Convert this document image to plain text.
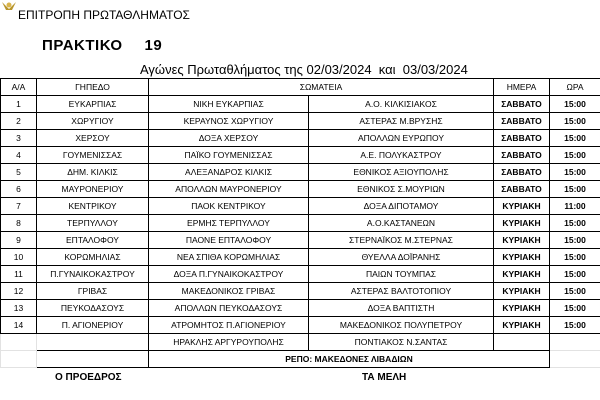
ΕΠΙΤΡΟΠΗ ΠΡΩΤΑΘΛΗΜΑΤΟΣ
ΠΡΑΚΤΙΚΟ 19
Αγώνες Πρωταθλήματος της 02/03/2024  και  03/03/2024
Α/Α	ΓΗΠΕΔΟ	ΣΩΜΑΤΕΙΑ		ΗΜΕΡΑ	ΩΡΑ
1	ΕΥΚΑΡΠΙΑΣ	ΝΙΚΗ ΕΥΚΑΡΠΙΑΣ	Α.Ο. ΚΙΛΚΙΣΙΑΚΟΣ	ΣΑΒΒΑΤΟ	15:00
2	ΧΩΡΥΓΙΟΥ	ΚΕΡΑΥΝΟΣ ΧΩΡΥΓΙΟΥ	ΑΣΤΕΡΑΣ Μ.ΒΡΥΣΗΣ	ΣΑΒΒΑΤΟ	15:00
3	ΧΕΡΣΟΥ	ΔΟΞΑ ΧΕΡΣΟΥ	ΑΠΟΛΛΩΝ ΕΥΡΩΠΟΥ	ΣΑΒΒΑΤΟ	15:00
4	ΓΟΥΜΕΝΙΣΣΑΣ	ΠΑΪΚΟ ΓΟΥΜΕΝΙΣΣΑΣ	Α.Ε. ΠΟΛΥΚΑΣΤΡΟΥ	ΣΑΒΒΑΤΟ	15:00
5	ΔΗΜ. ΚΙΛΚΙΣ	ΑΛΕΞΑΝΔΡΟΣ ΚΙΛΚΙΣ	ΕΘΝΙΚΟΣ ΑΞΙΟΥΠΟΛΗΣ	ΣΑΒΒΑΤΟ	15:00
6	ΜΑΥΡΟΝΕΡΙΟΥ	ΑΠΟΛΛΩΝ ΜΑΥΡΟΝΕΡΙΟΥ	ΕΘΝΙΚΟΣ Σ.ΜΟΥΡΙΩΝ	ΣΑΒΒΑΤΟ	15:00
7	ΚΕΝΤΡΙΚΟΥ	ΠΑΟΚ ΚΕΝΤΡΙΚΟΥ	ΔΟΞΑ ΔΙΠΟΤΑΜΟΥ	ΚΥΡΙΑΚΗ	11:00
8	ΤΕΡΠΥΛΛΟΥ	ΕΡΜΗΣ ΤΕΡΠΥΛΛΟΥ	Α.Ο.ΚΑΣΤΑΝΕΩΝ	ΚΥΡΙΑΚΗ	15:00
9	ΕΠΤΑΛΟΦΟΥ	ΠΑΟΝΕ ΕΠΤΑΛΟΦΟΥ	ΣΤΕΡΝΑΪΚΟΣ Μ.ΣΤΕΡΝΑΣ	ΚΥΡΙΑΚΗ	15:00
10	ΚΟΡΩΜΗΛΙΑΣ	ΝΕΑ ΣΠΙΘΑ ΚΟΡΩΜΗΛΙΑΣ	ΘΥΕΛΛΑ ΔΟΪΡΑΝΗΣ	ΚΥΡΙΑΚΗ	15:00
11	Π.ΓΥΝΑΙΚΟΚΑΣΤΡΟΥ	ΔΟΞΑ Π.ΓΥΝΑΙΚΟΚΑΣΤΡΟΥ	ΠΑΙΩΝ ΤΟΥΜΠΑΣ	ΚΥΡΙΑΚΗ	15:00
12	ΓΡΙΒΑΣ	ΜΑΚΕΔΟΝΙΚΟΣ ΓΡΙΒΑΣ	ΑΣΤΕΡΑΣ ΒΑΛΤΟΤΟΠΙΟΥ	ΚΥΡΙΑΚΗ	15:00
13	ΠΕΥΚΟΔΑΣΟΥΣ	ΑΠΟΛΛΩΝ ΠΕΥΚΟΔΑΣΟΥΣ	ΔΟΞΑ ΒΑΠΤΙΣΤΗ	ΚΥΡΙΑΚΗ	15:00
14	Π. ΑΓΙΟΝΕΡΙΟΥ	ΑΤΡΟΜΗΤΟΣ Π.ΑΓΙΟΝΕΡΙΟΥ	ΜΑΚΕΔΟΝΙΚΟΣ ΠΟΛΥΠΕΤΡΟΥ	ΚΥΡΙΑΚΗ	15:00
		ΗΡΑΚΛΗΣ ΑΡΓΥΡΟΥΠΟΛΗΣ	ΠΟΝΤΙΑΚΟΣ Ν.ΣΑΝΤΑΣ		
		ΡΕΠΟ: ΜΑΚΕΔΟΝΕΣ ΛΙΒΑΔΙΩΝ			
Ο ΠΡΟΕΔΡΟΣ	ΤΑ ΜΕΛΗ
